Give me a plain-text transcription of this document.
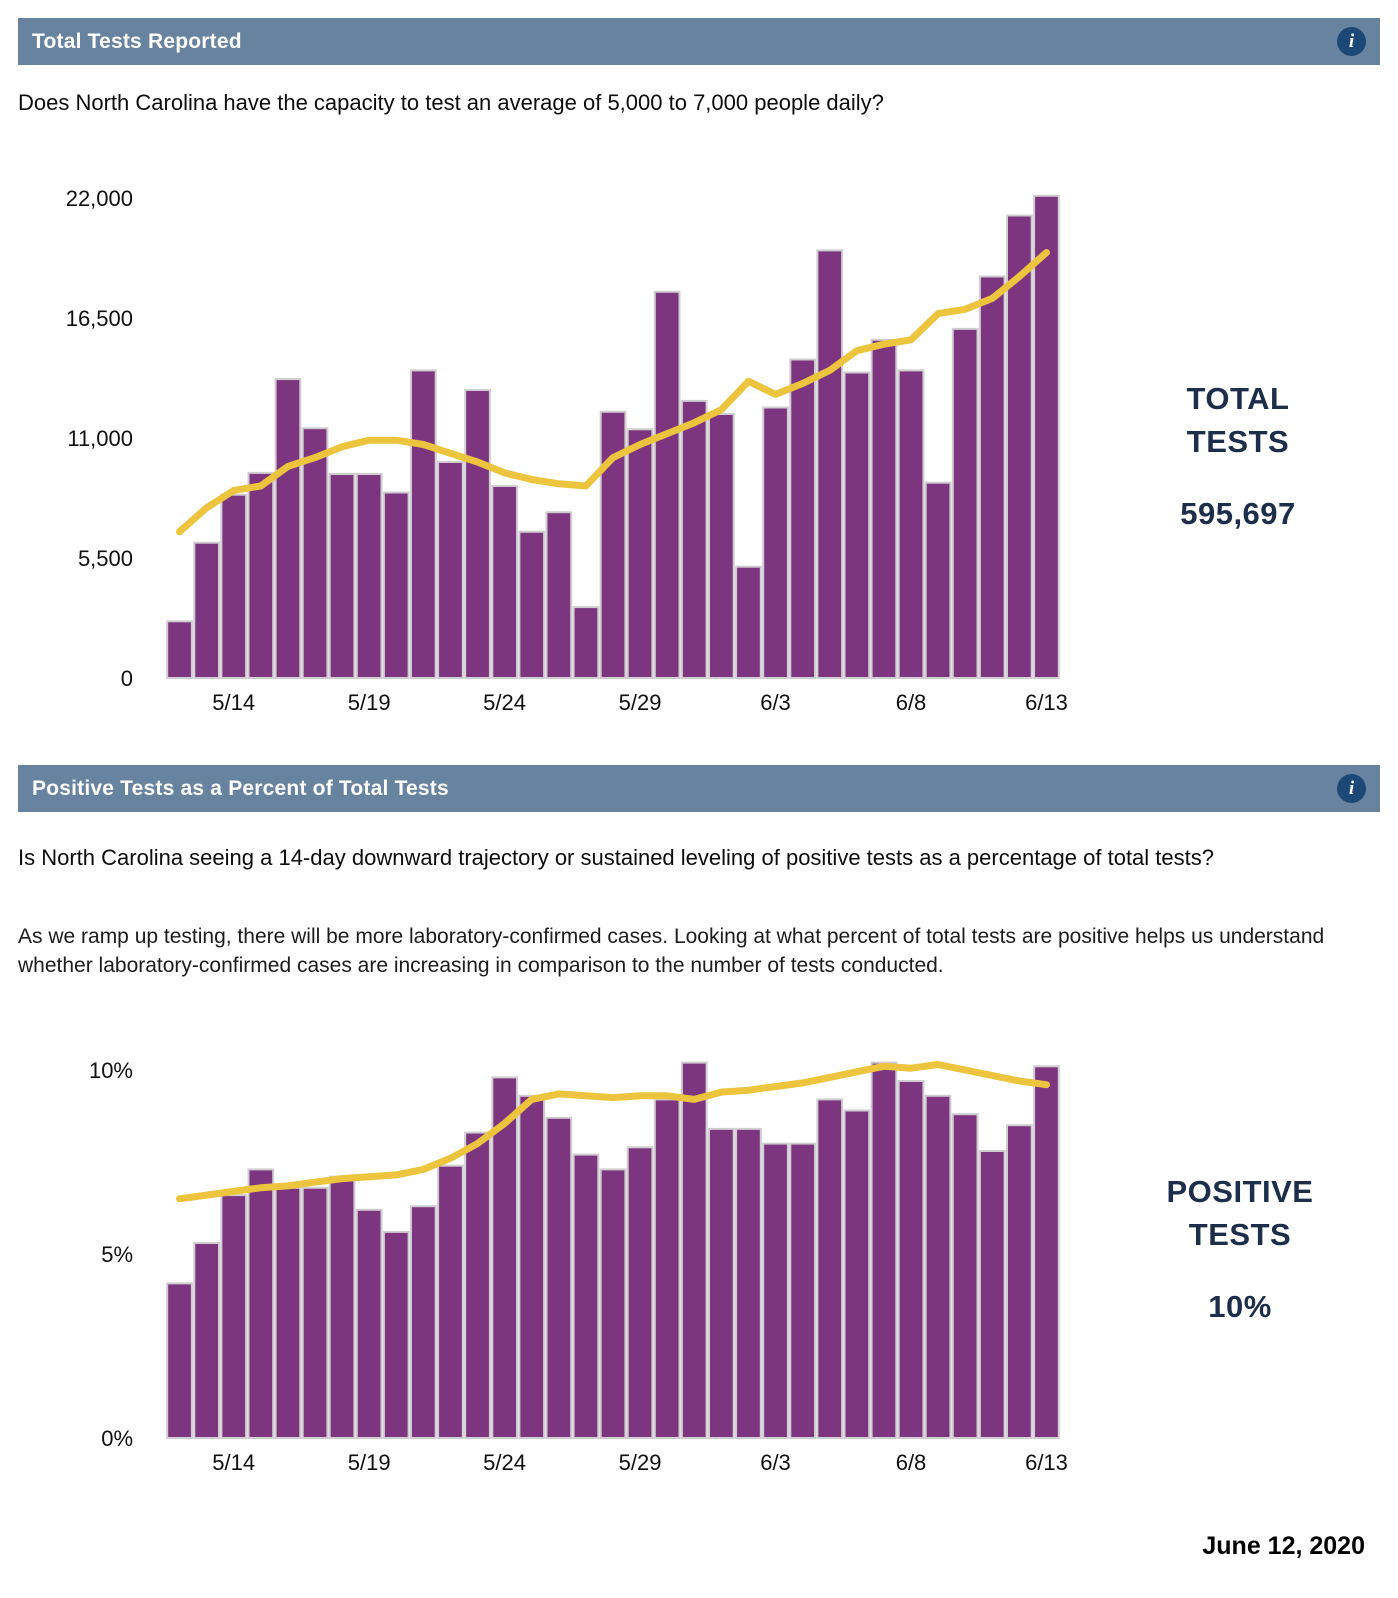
Total Tests Reported	i
Does North Carolina have the capacity to test an average of 5,000 to 7,000 people daily?
0
5,500
11,000
16,500
22,000
5/14	5/19	5/24	5/29	6/3	6/8	6/13
TOTAL
TESTS
595,697
Positive Tests as a Percent of Total Tests	i
Is North Carolina seeing a 14-day downward trajectory or sustained leveling of positive tests as a percentage of total tests?
As we ramp up testing, there will be more laboratory-confirmed cases. Looking at what percent of total tests are positive helps us understand whether laboratory-confirmed cases are increasing in comparison to the number of tests conducted.
0%
5%
10%
5/14	5/19	5/24	5/29	6/3	6/8	6/13
POSITIVE
TESTS
10%
June 12, 2020
